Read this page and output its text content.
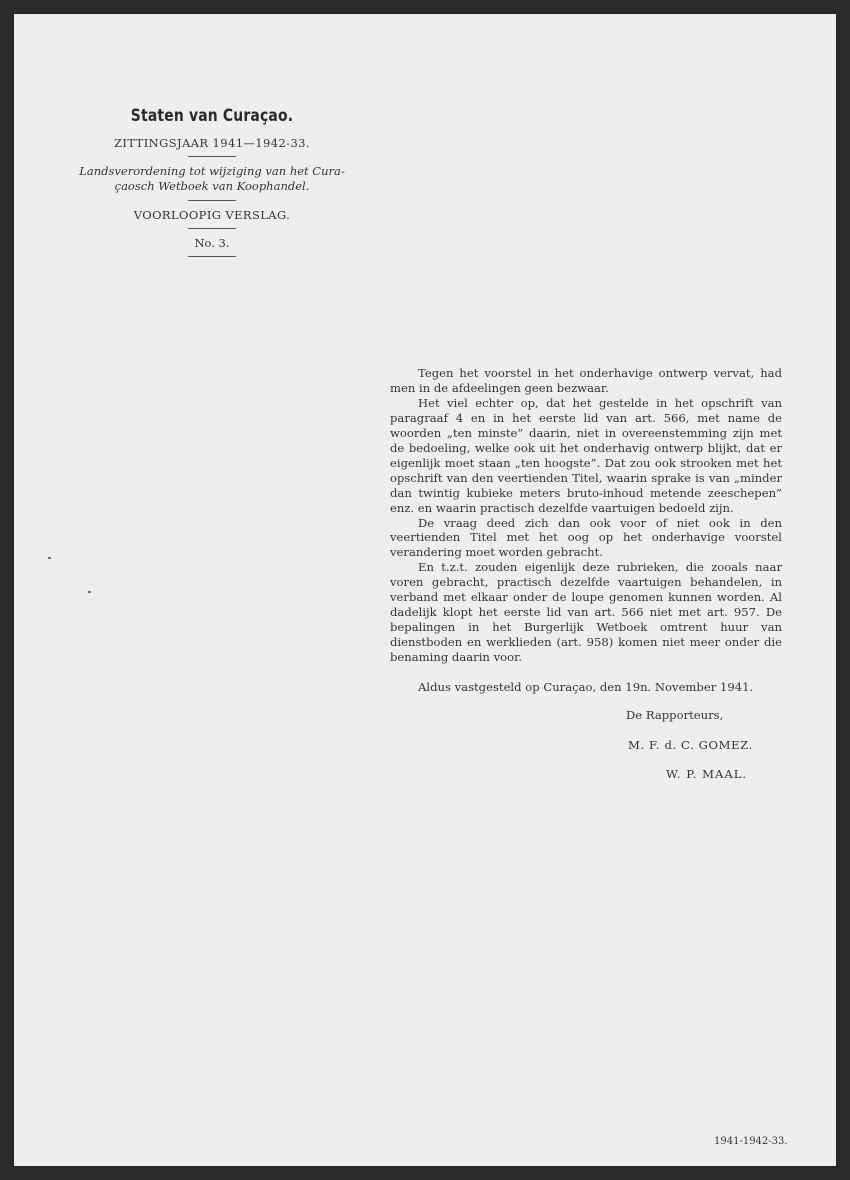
Staten van Curaçao.
ZITTINGSJAAR 1941—1942-33.
Landsverordening tot wijziging van het Cura-
çaosch Wetboek van Koophandel.
VOORLOOPIG VERSLAG.
No. 3.

Tegen het voorstel in het onderhavige ontwerp vervat, had men in de afdeelingen geen bezwaar.

Het viel echter op, dat het gestelde in het opschrift van paragraaf 4 en in het eerste lid van art. 566, met name de woorden „ten minste” daarin, niet in overeenstemming zijn met de bedoeling, welke ook uit het onderhavig ontwerp blijkt, dat er eigenlijk moet staan „ten hoogste”. Dat zou ook strooken met het opschrift van den veertienden Titel, waarin sprake is van „minder dan twintig kubieke meters bruto-inhoud metende zeeschepen” enz. en waarin practisch dezelfde vaartuigen bedoeld zijn.

De vraag deed zich dan ook voor of niet ook in den veertienden Titel met het oog op het onderhavige voorstel verandering moet worden gebracht.

En t.z.t. zouden eigenlijk deze rubrieken, die zooals naar voren gebracht, practisch dezelfde vaartuigen behandelen, in verband met elkaar onder de loupe genomen kunnen worden. Al dadelijk klopt het eerste lid van art. 566 niet met art. 957. De bepalingen in het Burgerlijk Wetboek omtrent huur van dienstboden en werklieden (art. 958) komen niet meer onder die benaming daarin voor.

Aldus vastgesteld op Curaçao, den 19n. November 1941.
De Rapporteurs,
M. F. d. C. GOMEZ.
W. P. MAAL.
1941-1942-33.
